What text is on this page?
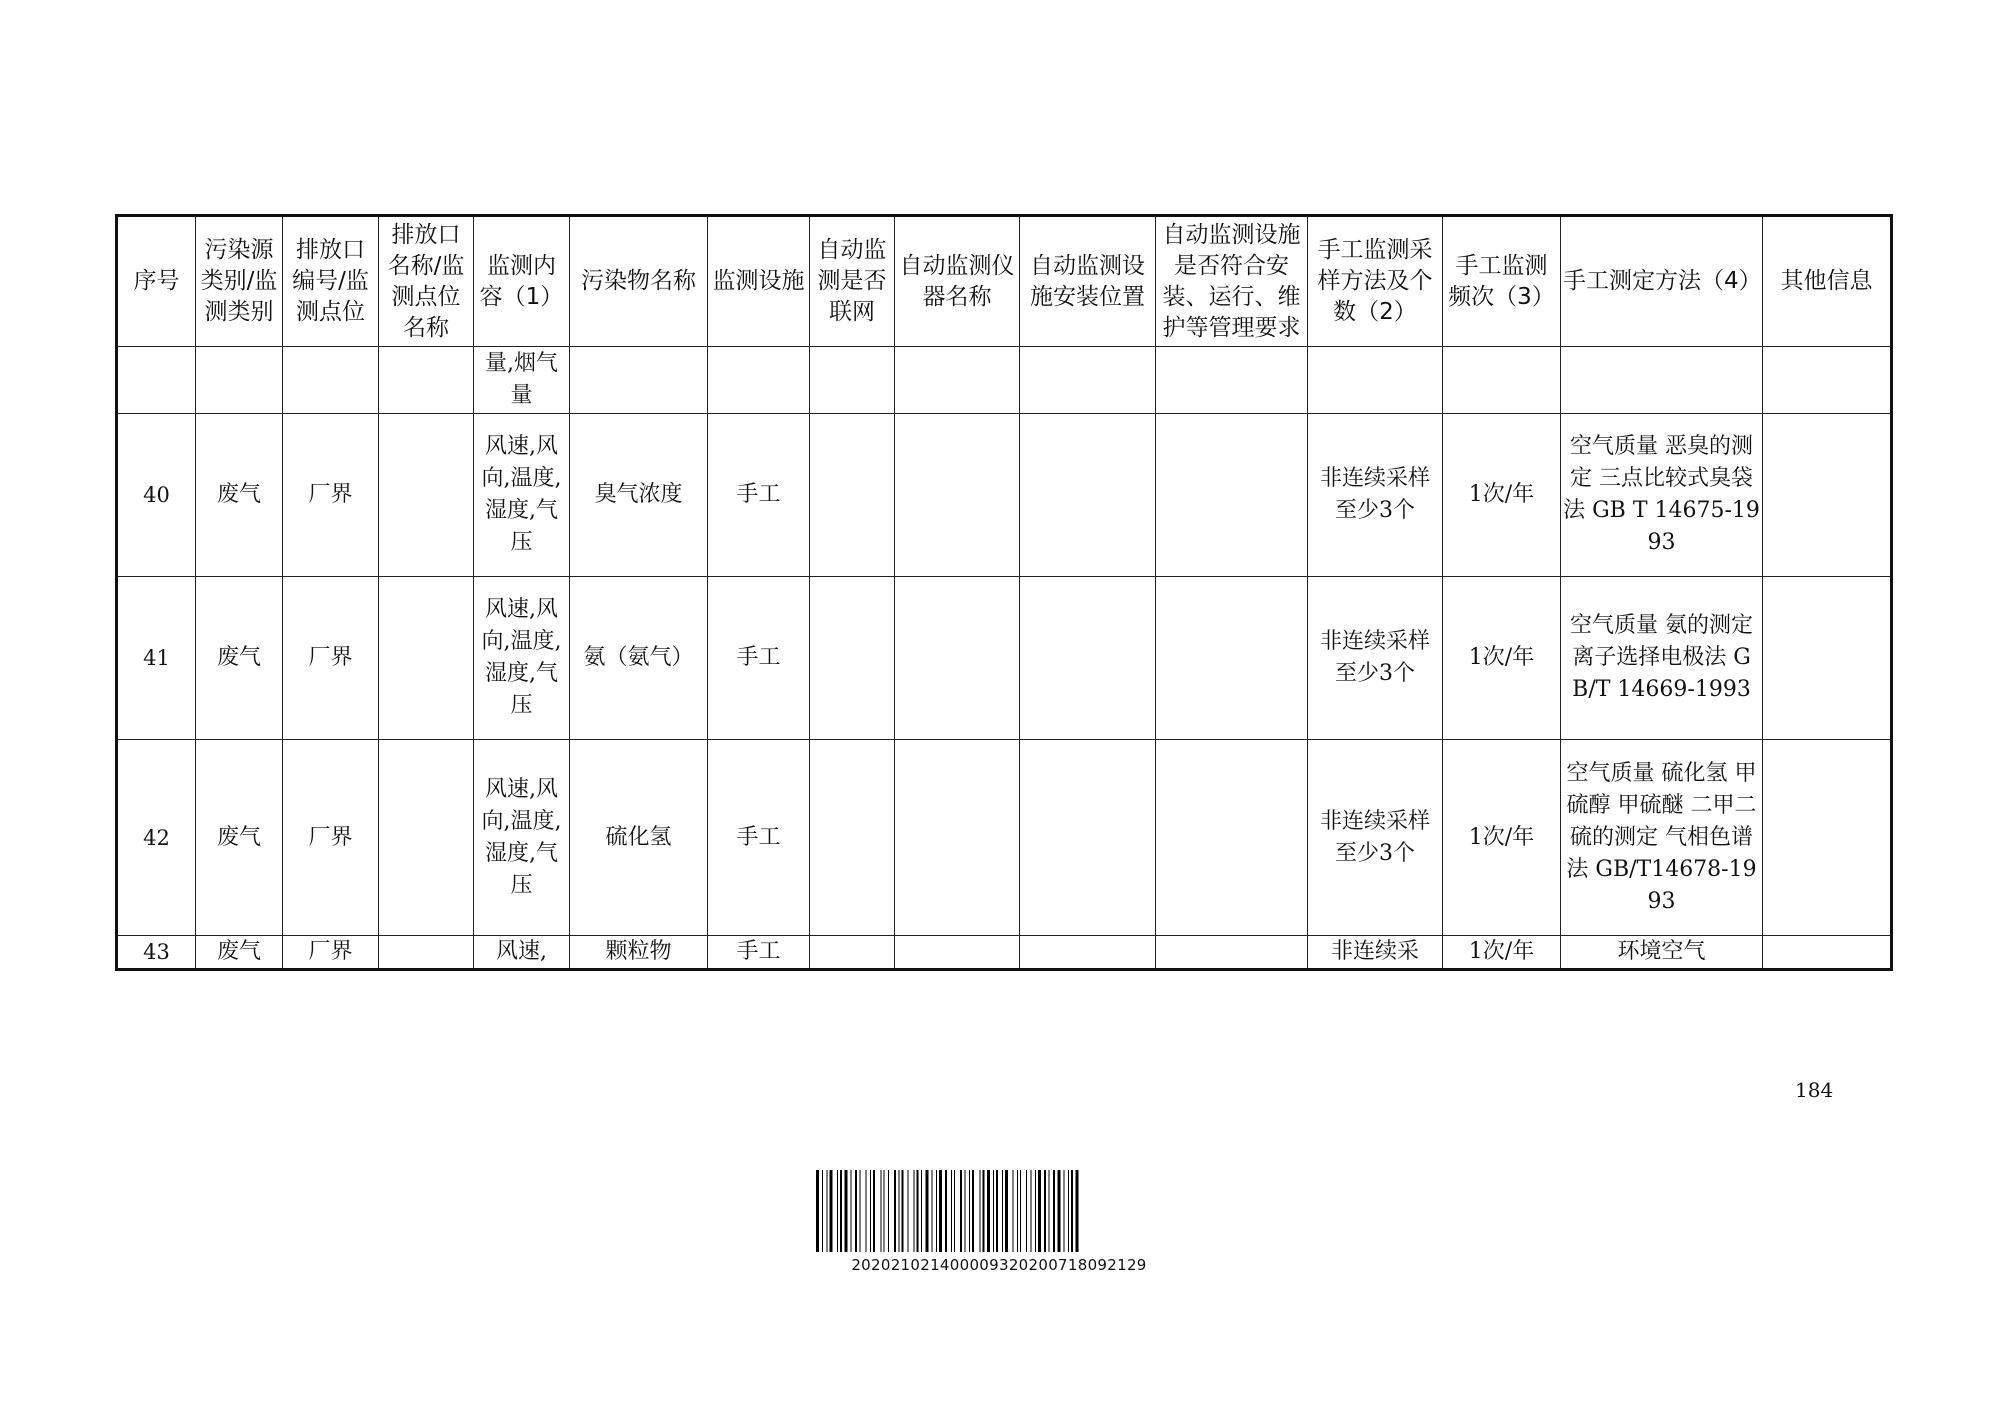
序号	污染源类别/监测类别	排放口编号/监测点位	排放口名称/监测点位名称	监测内容（1）	污染物名称	监测设施	自动监测是否联网	自动监测仪器名称	自动监测设施安装位置	自动监测设施是否符合安装、运行、维护等管理要求	手工监测采样方法及个数（2）	手工监测频次（3）	手工测定方法（4）	其他信息
				量,烟气量										
40	废气	厂界		风速,风向,温度,湿度,气压	臭气浓度	手工					非连续采样 至少3个	1次/年	空气质量 恶臭的测定 三点比较式臭袋法 GB T 14675-1993	
41	废气	厂界		风速,风向,温度,湿度,气压	氨（氨气）	手工					非连续采样 至少3个	1次/年	空气质量 氨的测定 离子选择电极法 GB/T 14669-1993	
42	废气	厂界		风速,风向,温度,湿度,气压	硫化氢	手工					非连续采样 至少3个	1次/年	空气质量 硫化氢 甲硫醇 甲硫醚 二甲二硫的测定 气相色谱法 GB/T14678-1993	
43	废气	厂界		风速,	颗粒物	手工					非连续采	1次/年	环境空气	
184
20202102140000932020071809212​9
